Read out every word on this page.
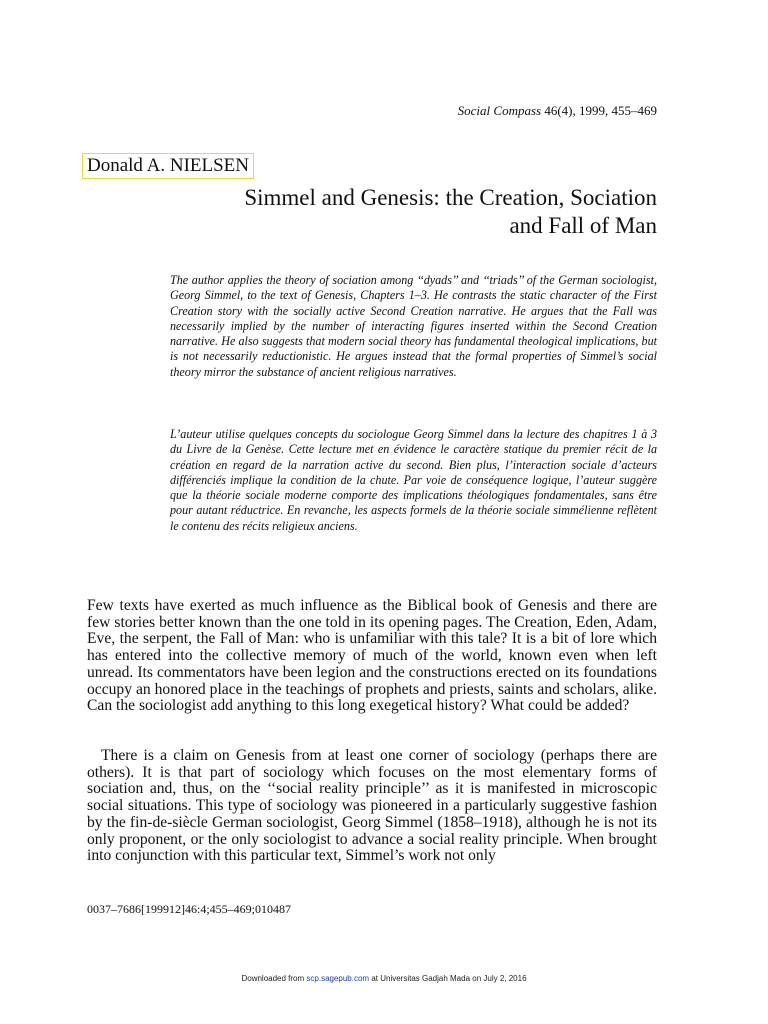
Social Compass 46(4), 1999, 455–469
Donald A. NIELSEN
Simmel and Genesis: the Creation, Sociation
and Fall of Man

The author applies the theory of sociation among ‘‘dyads’’ and ‘‘triads’’ of the German sociologist, Georg Simmel, to the text of Genesis, Chapters 1–3. He contrasts the static character of the First Creation story with the socially active Second Creation narrative. He argues that the Fall was necessarily implied by the number of interacting figures inserted within the Second Creation narrative. He also suggests that modern social theory has fundamental theological implications, but is not necessarily reductionistic. He argues instead that the formal properties of Simmel’s social theory mirror the substance of ancient religious narratives.

L’auteur utilise quelques concepts du sociologue Georg Simmel dans la lecture des chapitres 1 à 3 du Livre de la Genèse. Cette lecture met en évidence le caractère statique du premier récit de la création en regard de la narration active du second. Bien plus, l’interaction sociale d’acteurs différenciés implique la condition de la chute. Par voie de conséquence logique, l’auteur suggère que la théorie sociale moderne comporte des implications théologiques fondamentales, sans être pour autant réductrice. En revanche, les aspects formels de la théorie sociale simmélienne reflètent le contenu des récits religieux anciens.

Few texts have exerted as much influence as the Biblical book of Genesis and there are few stories better known than the one told in its opening pages. The Creation, Eden, Adam, Eve, the serpent, the Fall of Man: who is unfamiliar with this tale? It is a bit of lore which has entered into the collective memory of much of the world, known even when left unread. Its commentators have been legion and the constructions erected on its foundations occupy an honored place in the teachings of prophets and priests, saints and scholars, alike. Can the sociologist add anything to this long exegetical history? What could be added?

There is a claim on Genesis from at least one corner of sociology (perhaps there are others). It is that part of sociology which focuses on the most elementary forms of sociation and, thus, on the ‘‘social reality principle’’ as it is manifested in microscopic social situations. This type of sociology was pioneered in a particularly suggestive fashion by the fin-de-siècle German sociologist, Georg Simmel (1858–1918), although he is not its only proponent, or the only sociologist to advance a social reality principle. When brought into conjunction with this particular text, Simmel’s work not only

0037–7686[199912]46:4;455–469;010487
Downloaded from scp.sagepub.com at Universitas Gadjah Mada on July 2, 2016
